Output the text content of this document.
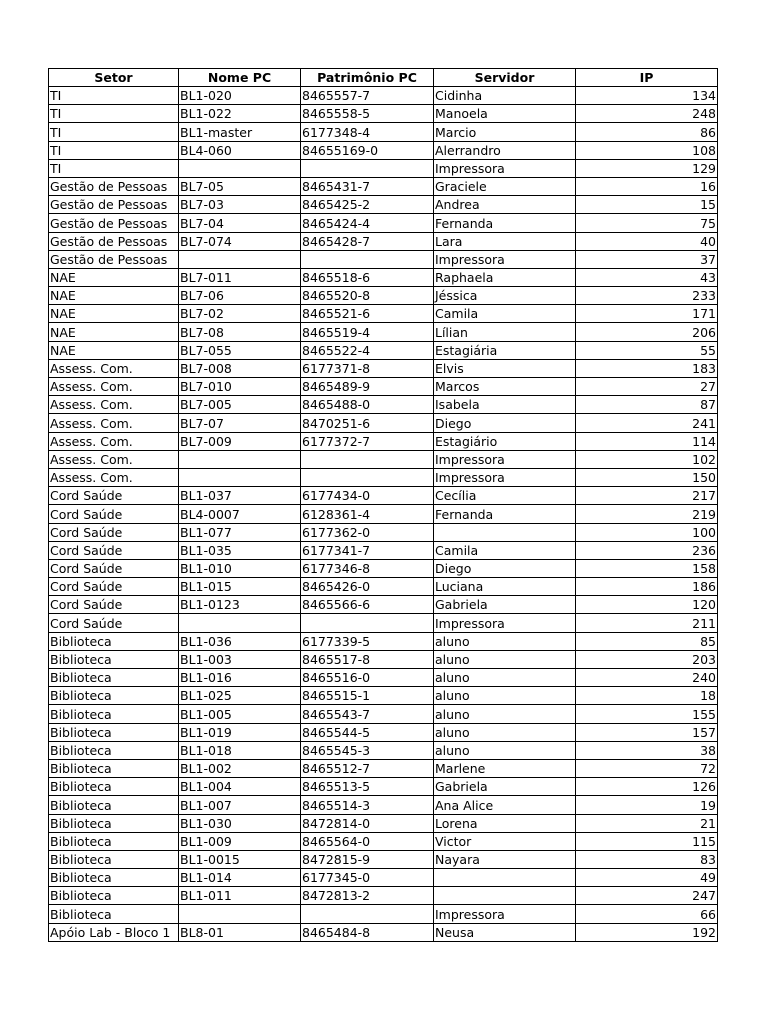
Setor	Nome PC	Patrimônio PC	Servidor	IP
TI	BL1-020	8465557-7	Cidinha	134
TI	BL1-022	8465558-5	Manoela	248
TI	BL1-master	6177348-4	Marcio	86
TI	BL4-060	84655169-0	Alerrandro	108
TI			Impressora	129
Gestão de Pessoas	BL7-05	8465431-7	Graciele	16
Gestão de Pessoas	BL7-03	8465425-2	Andrea	15
Gestão de Pessoas	BL7-04	8465424-4	Fernanda	75
Gestão de Pessoas	BL7-074	8465428-7	Lara	40
Gestão de Pessoas			Impressora	37
NAE	BL7-011	8465518-6	Raphaela	43
NAE	BL7-06	8465520-8	Jéssica	233
NAE	BL7-02	8465521-6	Camila	171
NAE	BL7-08	8465519-4	Lílian	206
NAE	BL7-055	8465522-4	Estagiária	55
Assess. Com.	BL7-008	6177371-8	Elvis	183
Assess. Com.	BL7-010	8465489-9	Marcos	27
Assess. Com.	BL7-005	8465488-0	Isabela	87
Assess. Com.	BL7-07	8470251-6	Diego	241
Assess. Com.	BL7-009	6177372-7	Estagiário	114
Assess. Com.			Impressora	102
Assess. Com.			Impressora	150
Cord Saúde	BL1-037	6177434-0	Cecília	217
Cord Saúde	BL4-0007	6128361-4	Fernanda	219
Cord Saúde	BL1-077	6177362-0		100
Cord Saúde	BL1-035	6177341-7	Camila	236
Cord Saúde	BL1-010	6177346-8	Diego	158
Cord Saúde	BL1-015	8465426-0	Luciana	186
Cord Saúde	BL1-0123	8465566-6	Gabriela	120
Cord Saúde			Impressora	211
Biblioteca	BL1-036	6177339-5	aluno	85
Biblioteca	BL1-003	8465517-8	aluno	203
Biblioteca	BL1-016	8465516-0	aluno	240
Biblioteca	BL1-025	8465515-1	aluno	18
Biblioteca	BL1-005	8465543-7	aluno	155
Biblioteca	BL1-019	8465544-5	aluno	157
Biblioteca	BL1-018	8465545-3	aluno	38
Biblioteca	BL1-002	8465512-7	Marlene	72
Biblioteca	BL1-004	8465513-5	Gabriela	126
Biblioteca	BL1-007	8465514-3	Ana Alice	19
Biblioteca	BL1-030	8472814-0	Lorena	21
Biblioteca	BL1-009	8465564-0	Victor	115
Biblioteca	BL1-0015	8472815-9	Nayara	83
Biblioteca	BL1-014	6177345-0		49
Biblioteca	BL1-011	8472813-2		247
Biblioteca			Impressora	66
Apóio Lab - Bloco 1	BL8-01	8465484-8	Neusa	192
